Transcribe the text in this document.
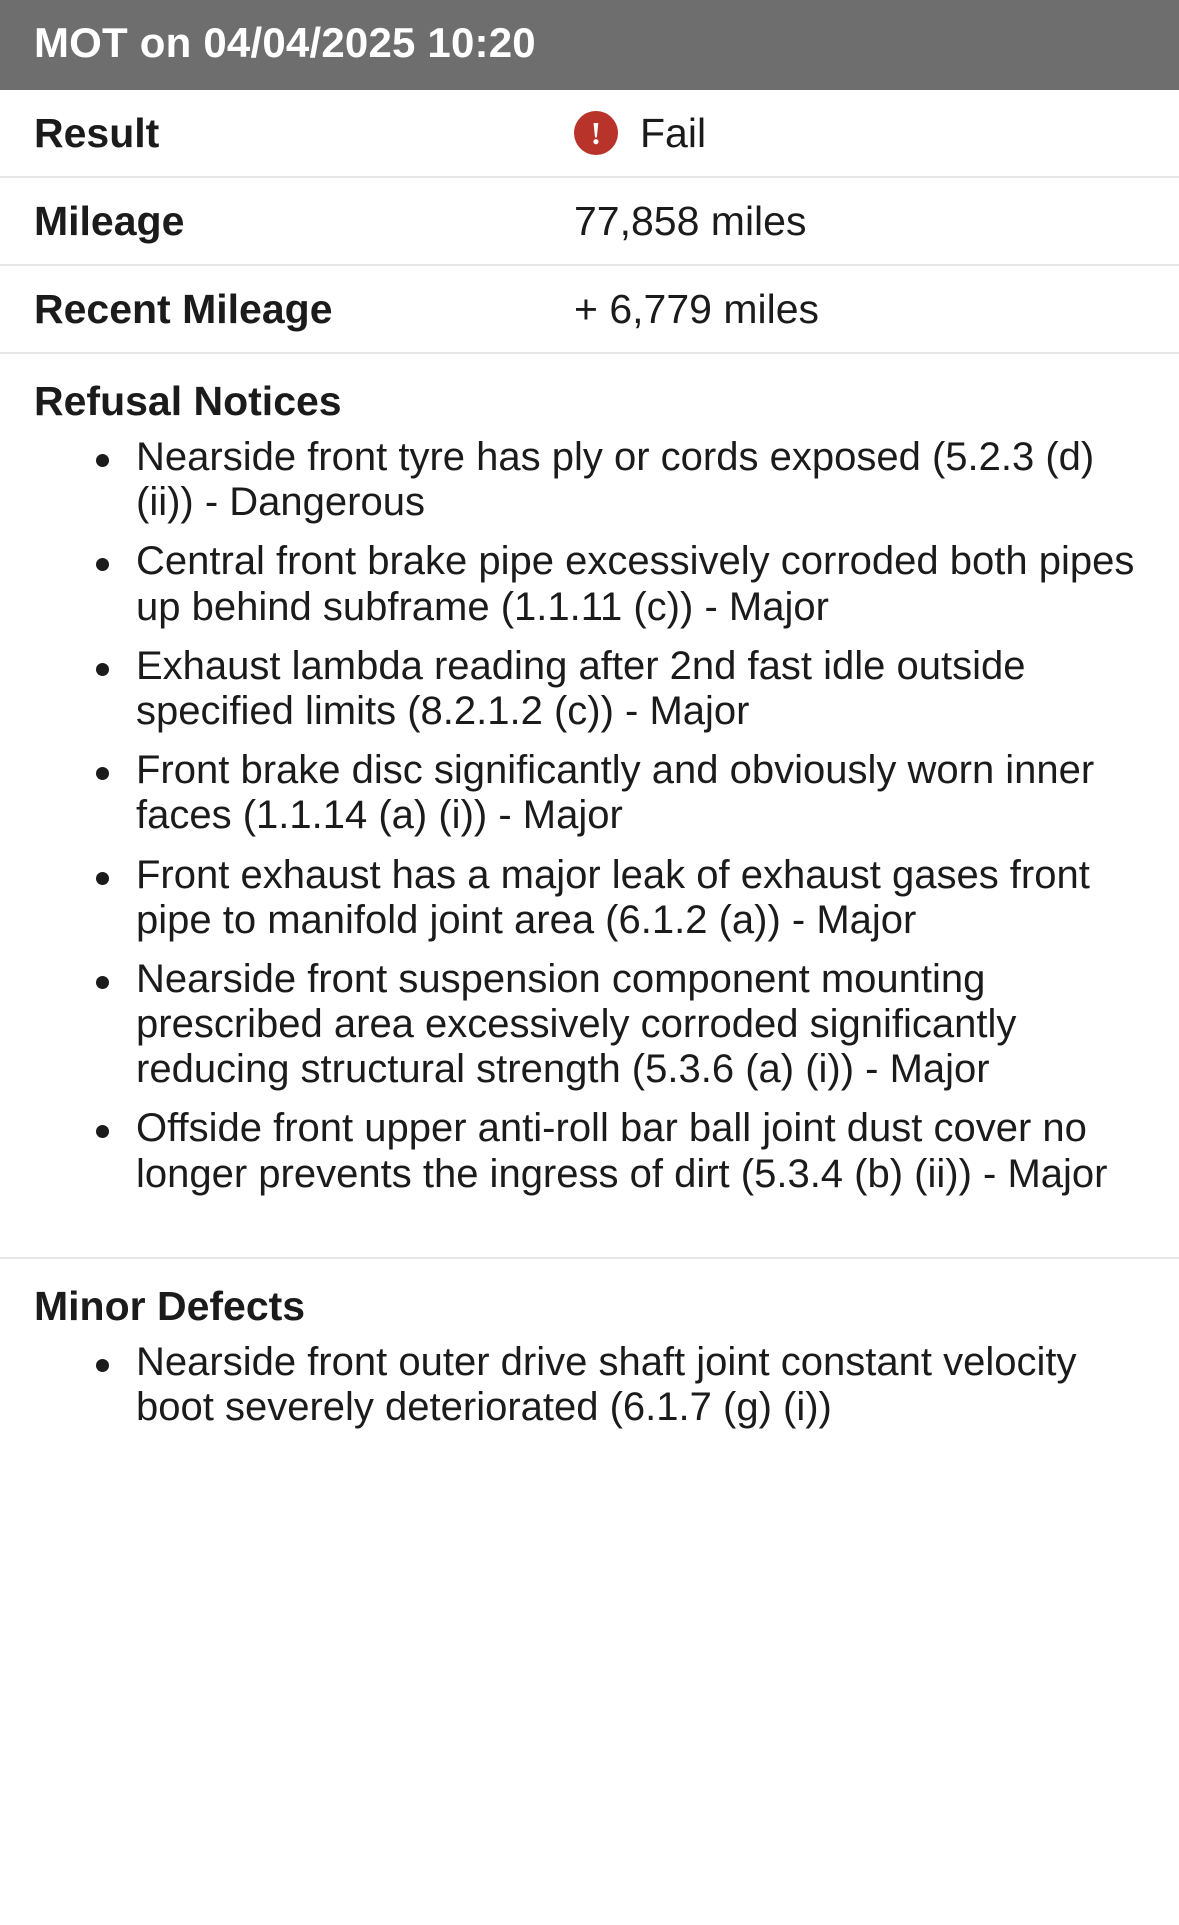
MOT on 04/04/2025 10:20
Result	! Fail
Mileage	77,858 miles
Recent Mileage	+ 6,779 miles
Refusal Notices
Nearside front tyre has ply or cords exposed (5.2.3 (d) (ii)) - Dangerous
Central front brake pipe excessively corroded both pipes up behind subframe (1.1.11 (c)) - Major
Exhaust lambda reading after 2nd fast idle outside specified limits (8.2.1.2 (c)) - Major
Front brake disc significantly and obviously worn inner faces (1.1.14 (a) (i)) - Major
Front exhaust has a major leak of exhaust gases front pipe to manifold joint area (6.1.2 (a)) - Major
Nearside front suspension component mounting prescribed area excessively corroded significantly reducing structural strength (5.3.6 (a) (i)) - Major
Offside front upper anti-roll bar ball joint dust cover no longer prevents the ingress of dirt (5.3.4 (b) (ii)) - Major
Minor Defects
Nearside front outer drive shaft joint constant velocity boot severely deteriorated (6.1.7 (g) (i))
